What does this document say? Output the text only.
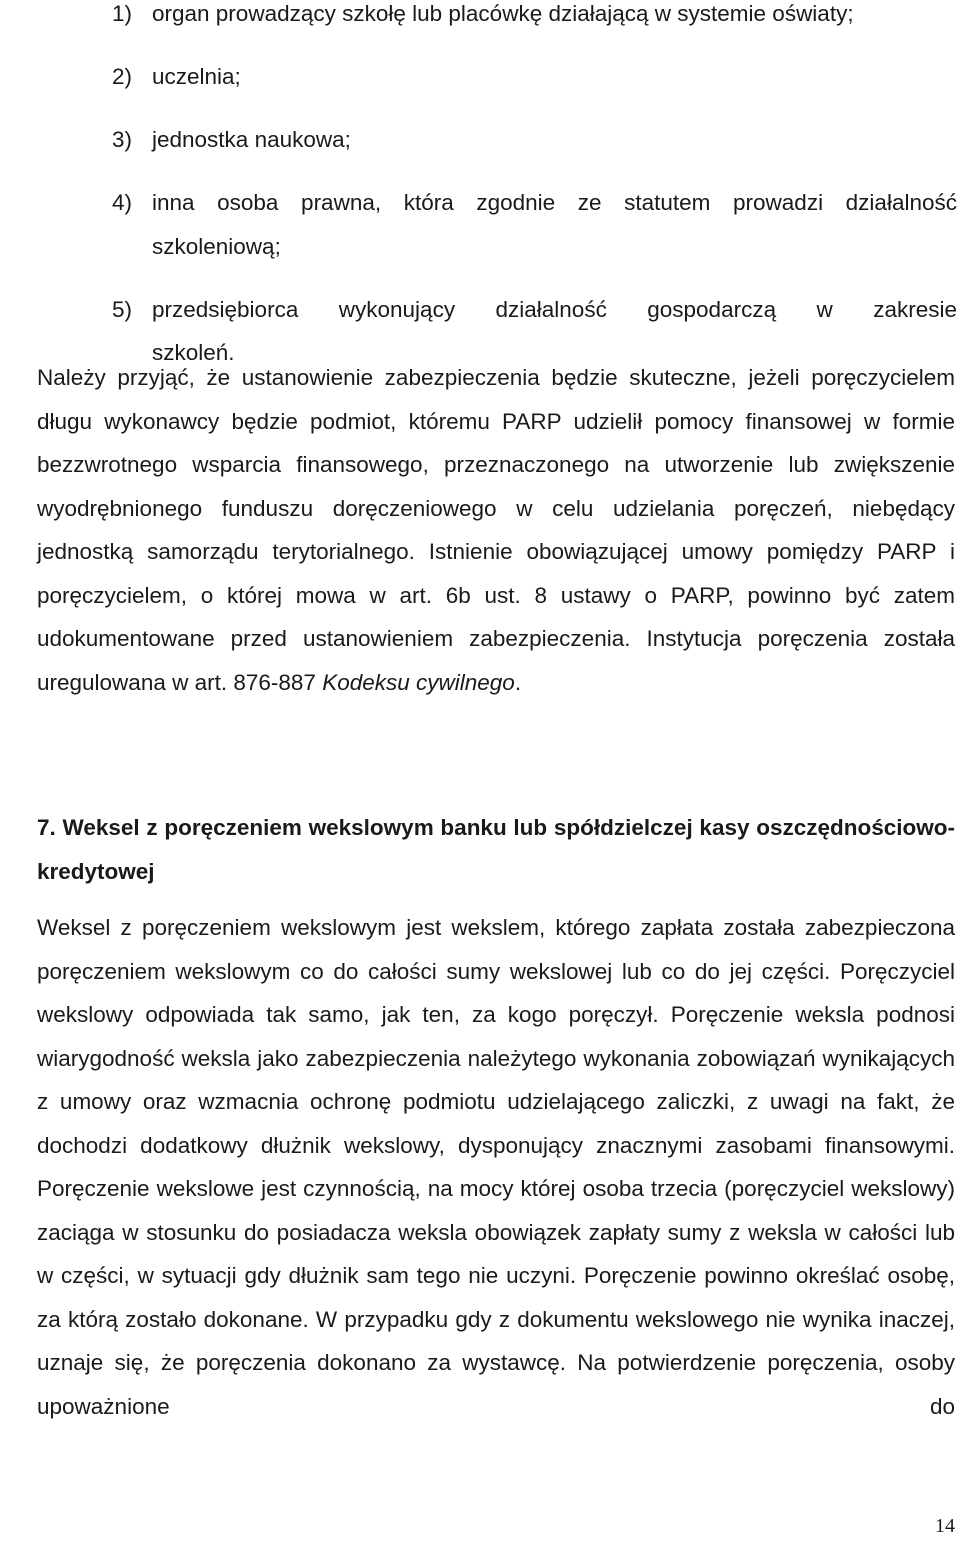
1) organ prowadzący szkołę lub placówkę działającą w systemie oświaty;
2) uczelnia;
3) jednostka naukowa;
4) inna osoba prawna, która zgodnie ze statutem prowadzi działalność
szkoleniową;
5) przedsiębiorca wykonujący działalność gospodarczą w zakresie
szkoleń.

Należy przyjąć, że ustanowienie zabezpieczenia będzie skuteczne, jeżeli poręczycielem długu wykonawcy będzie podmiot, któremu PARP udzielił pomocy finansowej w formie bezzwrotnego wsparcia finansowego, przeznaczonego na utworzenie lub zwiększenie wyodrębnionego funduszu doręczeniowego w celu udzielania poręczeń, niebędący jednostką samorządu terytorialnego. Istnienie obowiązującej umowy pomiędzy PARP i poręczycielem, o której mowa w art. 6b ust. 8 ustawy o PARP, powinno być zatem udokumentowane przed ustanowieniem zabezpieczenia. Instytucja poręczenia została uregulowana w art. 876-887 Kodeksu cywilnego.

7. Weksel z poręczeniem wekslowym banku lub spółdzielczej kasy oszczędnościowo-kredytowej

Weksel z poręczeniem wekslowym jest wekslem, którego zapłata została zabezpieczona poręczeniem wekslowym co do całości sumy wekslowej lub co do jej części. Poręczyciel wekslowy odpowiada tak samo, jak ten, za kogo poręczył. Poręczenie weksla podnosi wiarygodność weksla jako zabezpieczenia należytego wykonania zobowiązań wynikających z umowy oraz wzmacnia ochronę podmiotu udzielającego zaliczki, z uwagi na fakt, że dochodzi dodatkowy dłużnik wekslowy, dysponujący znacznymi zasobami finansowymi. Poręczenie wekslowe jest czynnością, na mocy której osoba trzecia (poręczyciel wekslowy) zaciąga w stosunku do posiadacza weksla obowiązek zapłaty sumy z weksla w całości lub w części, w sytuacji gdy dłużnik sam tego nie uczyni. Poręczenie powinno określać osobę, za którą zostało dokonane. W przypadku gdy z dokumentu wekslowego nie wynika inaczej, uznaje się, że poręczenia dokonano za wystawcę. Na potwierdzenie poręczenia, osoby upoważnione do

14
